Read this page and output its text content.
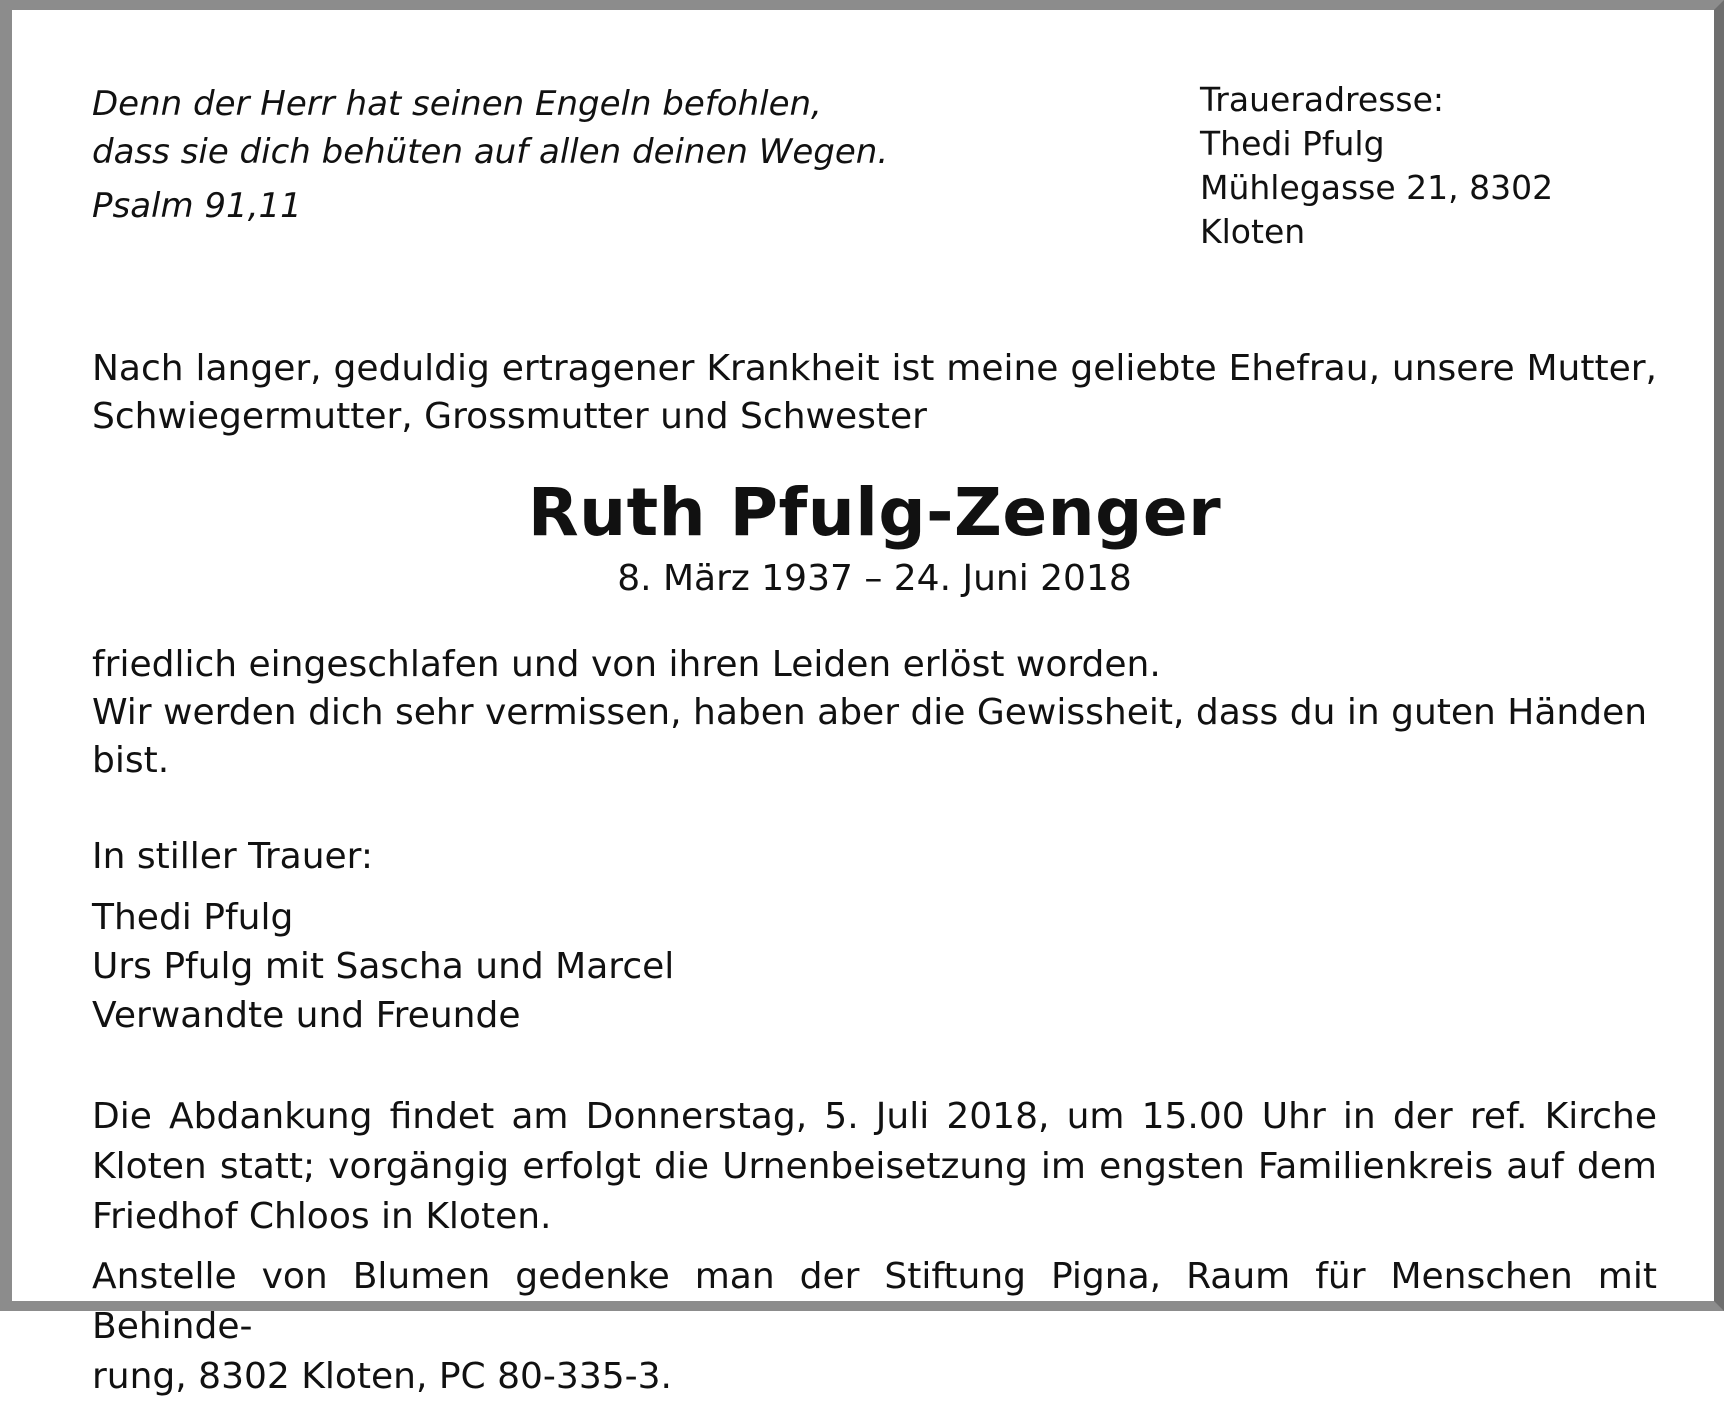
Denn der Herr hat seinen Engeln befohlen,
dass sie dich behüten auf allen deinen Wegen.
Psalm 91,11
Traueradresse:
Thedi Pfulg
Mühlegasse 21, 8302 Kloten
Nach langer, geduldig ertragener Krankheit ist meine geliebte Ehefrau, unsere Mutter,
Schwiegermutter, Grossmutter und Schwester
Ruth Pfulg-Zenger
8. März 1937 – 24. Juni 2018
friedlich eingeschlafen und von ihren Leiden erlöst worden.
Wir werden dich sehr vermissen, haben aber die Gewissheit, dass du in guten Händen bist.
In stiller Trauer:
Thedi Pfulg
Urs Pfulg mit Sascha und Marcel
Verwandte und Freunde
Die Abdankung findet am Donnerstag, 5. Juli 2018, um 15.00 Uhr in der ref. Kirche
Kloten statt; vorgängig erfolgt die Urnenbeisetzung im engsten Familienkreis auf dem
Friedhof Chloos in Kloten.
Anstelle von Blumen gedenke man der Stiftung Pigna, Raum für Menschen mit Behinde-
rung, 8302 Kloten, PC 80-335-3.
